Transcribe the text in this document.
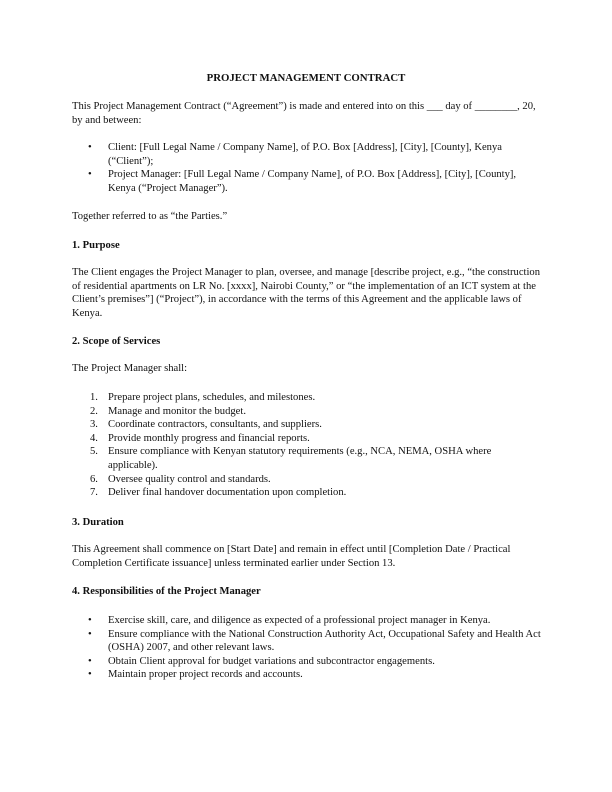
PROJECT MANAGEMENT CONTRACT

This Project Management Contract (“Agreement”) is made and entered into on this ___ day of ________, 20, by and between:

• Client: [Full Legal Name / Company Name], of P.O. Box [Address], [City], [County], Kenya (“Client”);
• Project Manager: [Full Legal Name / Company Name], of P.O. Box [Address], [City], [County], Kenya (“Project Manager”).

Together referred to as “the Parties.”

1. Purpose

The Client engages the Project Manager to plan, oversee, and manage [describe project, e.g., “the construction of residential apartments on LR No. [xxxx], Nairobi County,” or “the implementation of an ICT system at the Client’s premises”] (“Project”), in accordance with the terms of this Agreement and the applicable laws of Kenya.

2. Scope of Services

The Project Manager shall:

1. Prepare project plans, schedules, and milestones.
2. Manage and monitor the budget.
3. Coordinate contractors, consultants, and suppliers.
4. Provide monthly progress and financial reports.
5. Ensure compliance with Kenyan statutory requirements (e.g., NCA, NEMA, OSHA where applicable).
6. Oversee quality control and standards.
7. Deliver final handover documentation upon completion.
3. Duration

This Agreement shall commence on [Start Date] and remain in effect until [Completion Date / Practical Completion Certificate issuance] unless terminated earlier under Section 13.

4. Responsibilities of the Project Manager
• Exercise skill, care, and diligence as expected of a professional project manager in Kenya.
• Ensure compliance with the National Construction Authority Act, Occupational Safety and Health Act (OSHA) 2007, and other relevant laws.
• Obtain Client approval for budget variations and subcontractor engagements.
• Maintain proper project records and accounts.
